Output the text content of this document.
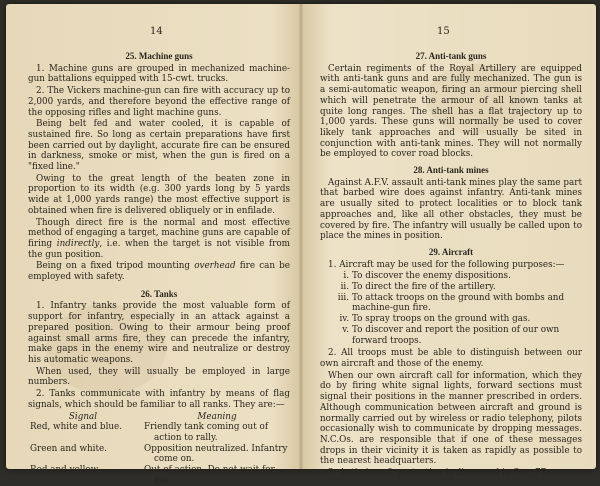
14
25. Machine guns

1. Machine guns are grouped in mechanized machine-gun battalions equipped with 15-cwt. trucks.

2. The Vickers machine-gun can fire with accuracy up to 2,000 yards, and therefore beyond the effective range of the opposing rifles and light machine guns.

Being belt fed and water cooled, it is capable of sustained fire. So long as certain preparations have first been carried out by daylight, accurate fire can be ensured in darkness, smoke or mist, when the gun is fired on a "fixed line."

Owing to the great length of the beaten zone in proportion to its width (e.g. 300 yards long by 5 yards wide at 1,000 yards range) the most effective support is obtained when fire is delivered obliquely or in enfilade.

Though direct fire is the normal and most effective method of engaging a target, machine guns are capable of firing indirectly, i.e. when the target is not visible from the gun position.

Being on a fixed tripod mounting overhead fire can be employed with safety.

26. Tanks

1. Infantry tanks provide the most valuable form of support for infantry, especially in an attack against a prepared position. Owing to their armour being proof against small arms fire, they can precede the infantry, make gaps in the enemy wire and neutralize or destroy his automatic weapons.

When used, they will usually be employed in large numbers.

2. Tanks communicate with infantry by means of flag signals, which should be familiar to all ranks. They are:—

Signal	Meaning
Red, white and blue.	Friendly tank coming out of action to rally.
Green and white.	Opposition neutralized. Infantry come on.
Red and yellow.	Out of action. Do not wait for me.
15
27. Anti-tank guns

Certain regiments of the Royal Artillery are equipped with anti-tank guns and are fully mechanized. The gun is a semi-automatic weapon, firing an armour piercing shell which will penetrate the armour of all known tanks at quite long ranges. The shell has a flat trajectory up to 1,000 yards. These guns will normally be used to cover likely tank approaches and will usually be sited in conjunction with anti-tank mines. They will not normally be employed to cover road blocks.

28. Anti-tank mines

Against A.F.V. assault anti-tank mines play the same part that barbed wire does against infantry. Anti-tank mines are usually sited to protect localities or to block tank approaches and, like all other obstacles, they must be covered by fire. The infantry will usually be called upon to place the mines in position.

29. Aircraft

1. Aircraft may be used for the following purposes:—

i. To discover the enemy dispositions.
ii. To direct the fire of the artillery.
iii. To attack troops on the ground with bombs and machine-gun fire.
iv. To spray troops on the ground with gas.
v. To discover and report the position of our own forward troops.

2. All troops must be able to distinguish between our own aircraft and those of the enemy.

When our own aircraft call for information, which they do by firing white signal lights, forward sections must signal their positions in the manner prescribed in orders. Although communication between aircraft and ground is normally carried out by wireless or radio telephony, pilots occasionally wish to communicate by dropping messages. N.C.Os. are responsible that if one of these messages drops in their vicinity it is taken as rapidly as possible to the nearest headquarters.

3. Anti-aircraft protection is discussed in Sec. 77.
